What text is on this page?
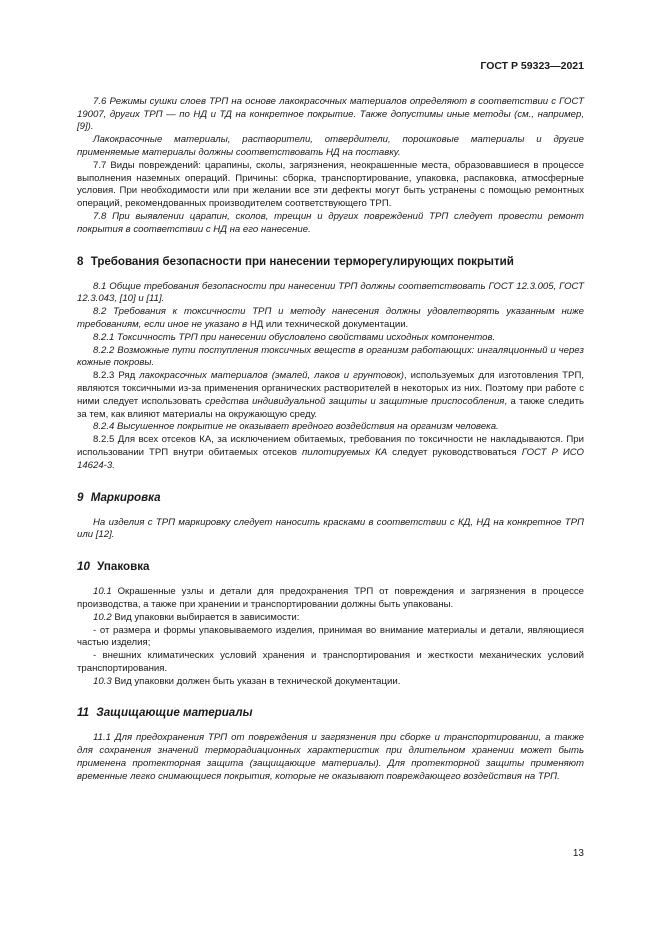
ГОСТ Р 59323—2021

7.6 Режимы сушки слоев ТРП на основе лакокрасочных материалов определяют в соответствии с ГОСТ 19007, других ТРП — по НД и ТД на конкретное покрытие. Также допустимы иные методы (см., например, [9]).

Лакокрасочные материалы, растворители, отвердители, порошковые материалы и другие применяемые материалы должны соответствовать НД на поставку.

7.7 Виды повреждений: царапины, сколы, загрязнения, неокрашенные места, образовавшиеся в процессе выполнения наземных операций. Причины: сборка, транспортирование, упаковка, распаковка, атмосферные условия. При необходимости или при желании все эти дефекты могут быть устранены с помощью ремонтных операций, рекомендованных производителем соответствующего ТРП.

7.8 При выявлении царапин, сколов, трещин и других повреждений ТРП следует провести ремонт покрытия в соответствии с НД на его нанесение.

8 Требования безопасности при нанесении терморегулирующих покрытий

8.1 Общие требования безопасности при нанесении ТРП должны соответствовать ГОСТ 12.3.005, ГОСТ 12.3.043, [10] и [11].

8.2 Требования к токсичности ТРП и методу нанесения должны удовлетворять указанным ниже требованиям, если иное не указано в НД или технической документации.

8.2.1 Токсичность ТРП при нанесении обусловлено свойствами исходных компонентов.

8.2.2 Возможные пути поступления токсичных веществ в организм работающих: ингаляционный и через кожные покровы.

8.2.3 Ряд лакокрасочных материалов (эмалей, лаков и грунтовок), используемых для изготовления ТРП, являются токсичными из-за применения органических растворителей в некоторых из них. Поэтому при работе с ними следует использовать средства индивидуальной защиты и защитные приспособления, а также следить за тем, как влияют материалы на окружающую среду.

8.2.4 Высушенное покрытие не оказывает вредного воздействия на организм человека.

8.2.5 Для всех отсеков КА, за исключением обитаемых, требования по токсичности не накладываются. При использовании ТРП внутри обитаемых отсеков пилотируемых КА следует руководствоваться ГОСТ Р ИСО 14624-3.

9 Маркировка

На изделия с ТРП маркировку следует наносить красками в соответствии с КД, НД на конкретное ТРП или [12].

10 Упаковка

10.1 Окрашенные узлы и детали для предохранения ТРП от повреждения и загрязнения в процессе производства, а также при хранении и транспортировании должны быть упакованы.

10.2 Вид упаковки выбирается в зависимости:

- от размера и формы упаковываемого изделия, принимая во внимание материалы и детали, являющиеся частью изделия;

- внешних климатических условий хранения и транспортирования и жесткости механических условий транспортирования.

10.3 Вид упаковки должен быть указан в технической документации.

11 Защищающие материалы

11.1 Для предохранения ТРП от повреждения и загрязнения при сборке и транспортировании, а также для сохранения значений терморадиационных характеристик при длительном хранении может быть применена протекторная защита (защищающие материалы). Для протекторной защиты применяют временные легко снимающиеся покрытия, которые не оказывают повреждающего воздействия на ТРП.

13
